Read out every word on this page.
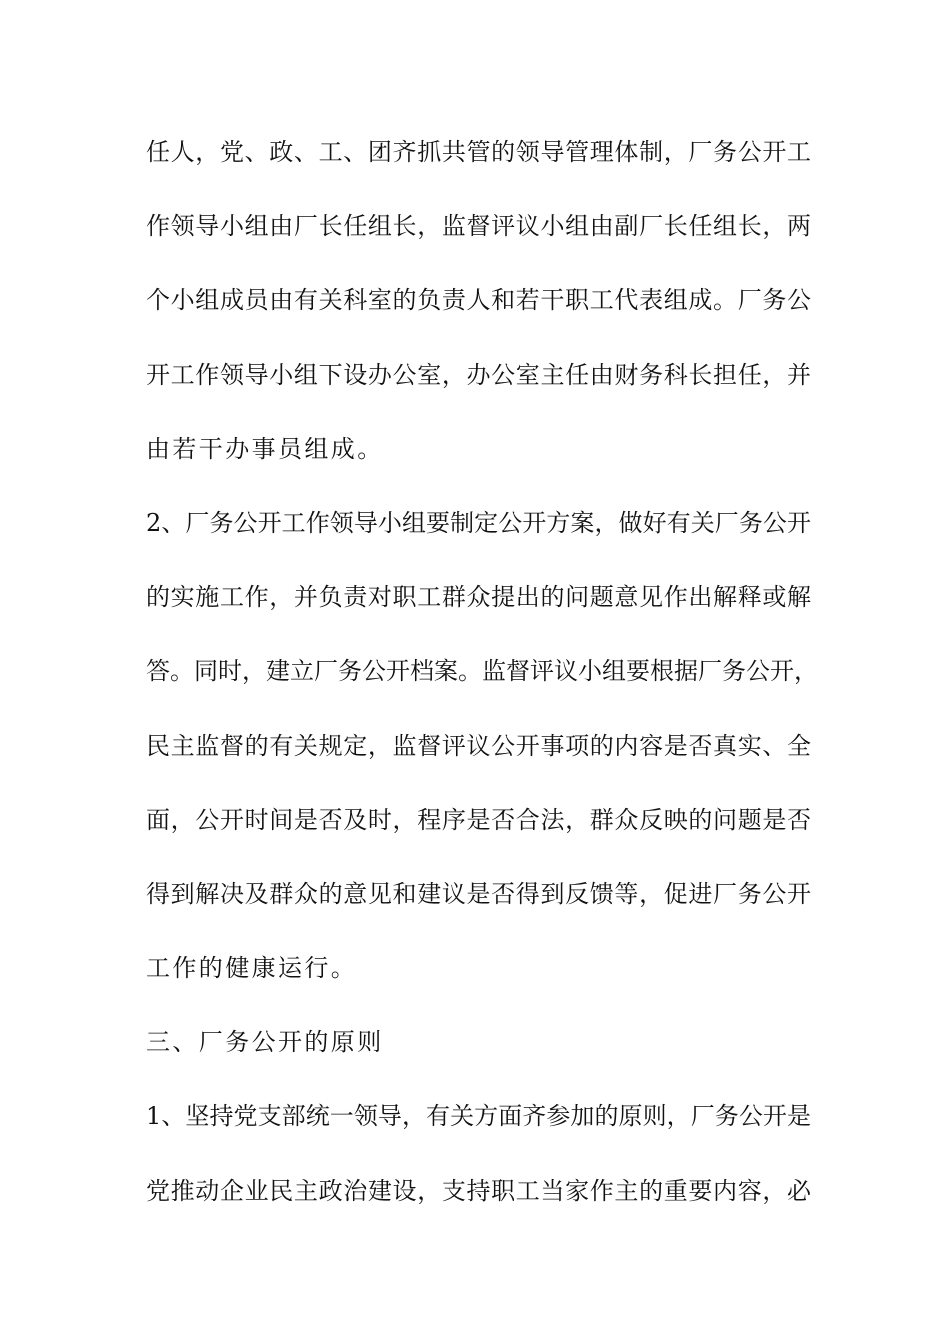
任人，党、政、工、团齐抓共管的领导管理体制，厂务公开工
作领导小组由厂长任组长，监督评议小组由副厂长任组长，两
个小组成员由有关科室的负责人和若干职工代表组成。厂务公
开工作领导小组下设办公室，办公室主任由财务科长担任，并
由若干办事员组成。
2、厂务公开工作领导小组要制定公开方案，做好有关厂务公开
的实施工作，并负责对职工群众提出的问题意见作出解释或解
答。同时，建立厂务公开档案。监督评议小组要根据厂务公开，
民主监督的有关规定，监督评议公开事项的内容是否真实、全
面，公开时间是否及时，程序是否合法，群众反映的问题是否
得到解决及群众的意见和建议是否得到反馈等，促进厂务公开
工作的健康运行。
三、厂务公开的原则
1、坚持党支部统一领导，有关方面齐参加的原则，厂务公开是
党推动企业民主政治建设，支持职工当家作主的重要内容，必
